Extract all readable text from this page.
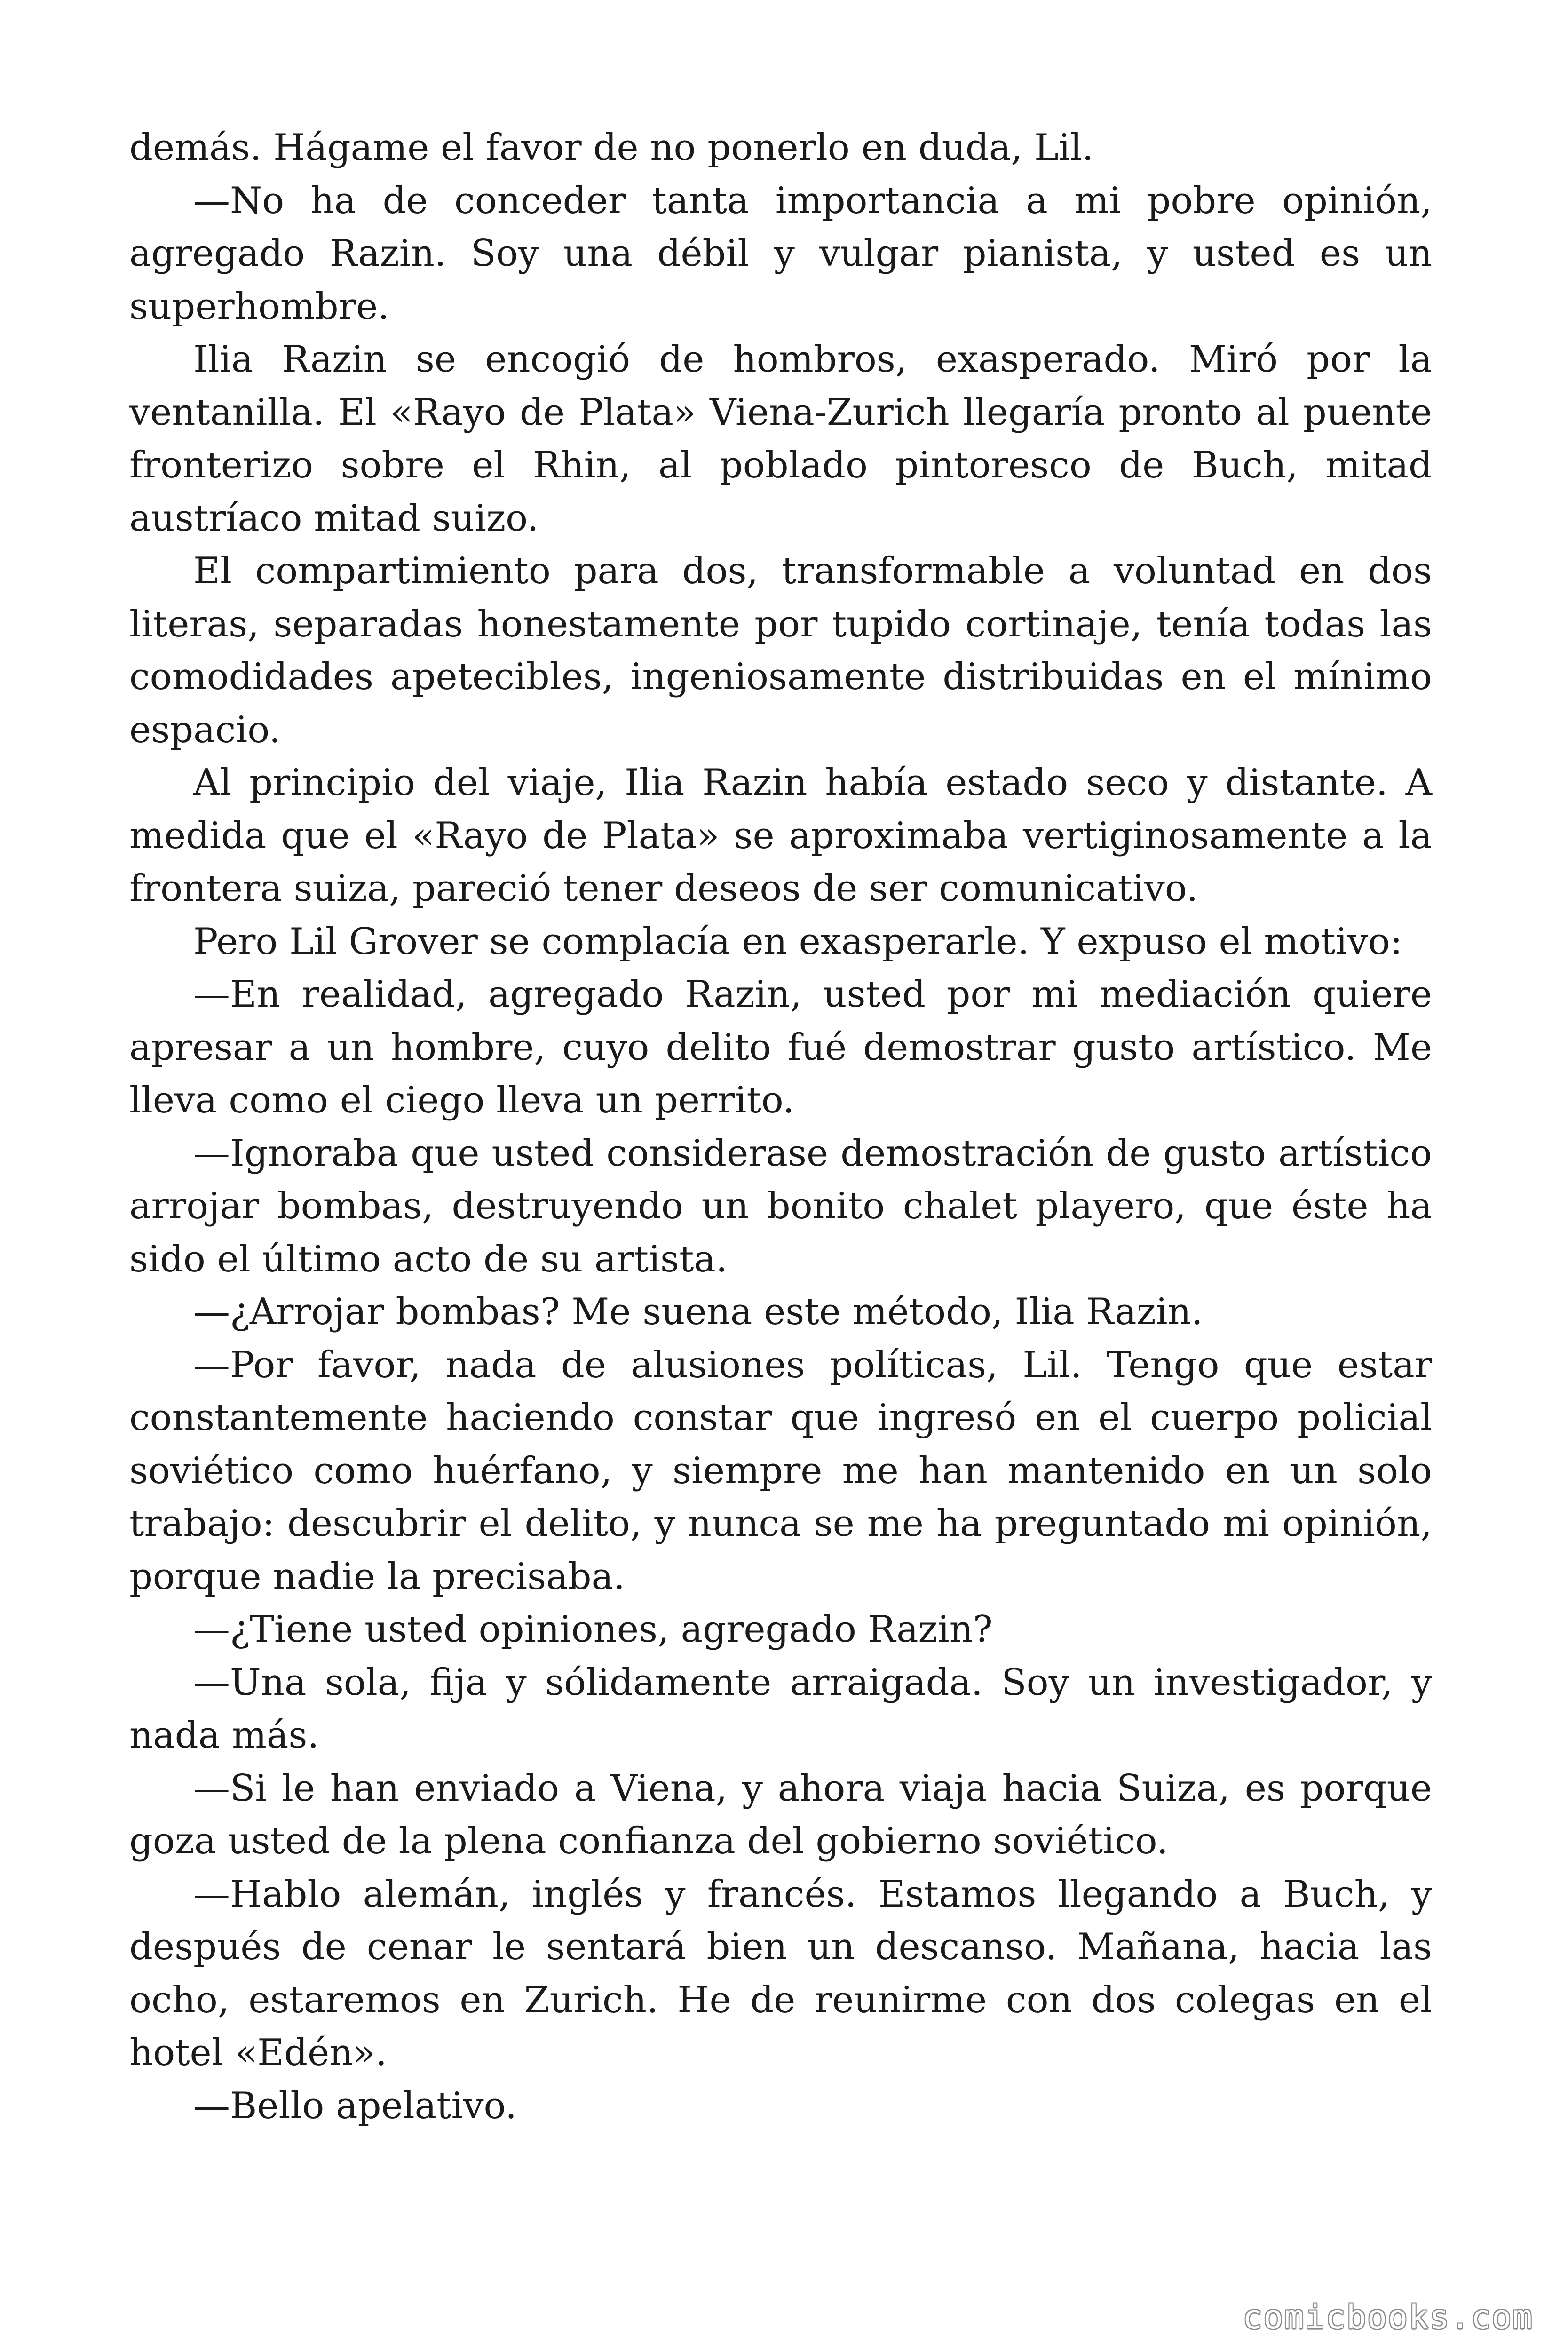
demás. Hágame el favor de no ponerlo en duda, Lil.

—No ha de conceder tanta importancia a mi pobre opinión, agregado Razin. Soy una débil y vulgar pianista, y usted es un superhombre.

Ilia Razin se encogió de hombros, exasperado. Miró por la ventanilla. El «Rayo de Plata» Viena-Zurich llegaría pronto al puente fronterizo sobre el Rhin, al poblado pintoresco de Buch, mitad austríaco mitad suizo.

El compartimiento para dos, transformable a voluntad en dos literas, separadas honestamente por tupido cortinaje, tenía todas las comodidades apetecibles, ingeniosamente distribuidas en el mínimo espacio.

Al principio del viaje, Ilia Razin había estado seco y distante. A medida que el «Rayo de Plata» se aproximaba vertiginosamente a la frontera suiza, pareció tener deseos de ser comunicativo.

Pero Lil Grover se complacía en exasperarle. Y expuso el motivo:

—En realidad, agregado Razin, usted por mi mediación quiere apresar a un hombre, cuyo delito fué demostrar gusto artístico. Me lleva como el ciego lleva un perrito.

—Ignoraba que usted considerase demostración de gusto artístico arrojar bombas, destruyendo un bonito chalet playero, que éste ha sido el último acto de su artista.

—¿Arrojar bombas? Me suena este método, Ilia Razin.

—Por favor, nada de alusiones políticas, Lil. Tengo que estar constantemente haciendo constar que ingresó en el cuerpo policial soviético como huérfano, y siempre me han mantenido en un solo trabajo: descubrir el delito, y nunca se me ha preguntado mi opinión, porque nadie la precisaba.

—¿Tiene usted opiniones, agregado Razin?

—Una sola, fija y sólidamente arraigada. Soy un investigador, y nada más.

—Si le han enviado a Viena, y ahora viaja hacia Suiza, es porque goza usted de la plena confianza del gobierno soviético.

—Hablo alemán, inglés y francés. Estamos llegando a Buch, y después de cenar le sentará bien un descanso. Mañana, hacia las ocho, estaremos en Zurich. He de reunirme con dos colegas en el hotel «Edén».

—Bello apelativo.

comicbooks.com
